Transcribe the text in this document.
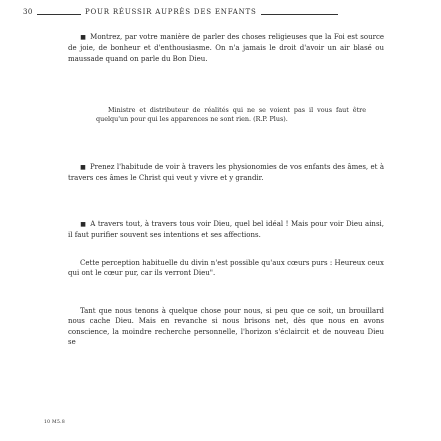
30	POUR RÉUSSIR AUPRÈS DES ENFANTS
■ Montrez, par votre manière de parler des choses religieuses que la Foi est source de joie, de bonheur et d'enthousiasme. On n'a jamais le droit d'avoir un air blasé ou maussade quand on parle du Bon Dieu.
Ministre et distributeur de réalités qui ne se voient pas il vous faut être quelqu'un pour qui les apparences ne sont rien. (R.P. Plus).
■ Prenez l'habitude de voir à travers les physionomies de vos enfants des âmes, et à travers ces âmes le Christ qui veut y vivre et y grandir.
■ A travers tout, à travers tous voir Dieu, quel bel idéal ! Mais pour voir Dieu ainsi, il faut purifier souvent ses intentions et ses affections.
Cette perception habituelle du divin n'est possible qu'aux cœurs purs : Heureux ceux qui ont le cœur pur, car ils verront Dieu".
Tant que nous tenons à quelque chose pour nous, si peu que ce soit, un brouillard nous cache Dieu. Mais en revanche si nous brisons net, dès que nous en avons conscience, la moindre recherche personnelle, l'horizon s'éclaircit et de nouveau Dieu se
10 M5.8
